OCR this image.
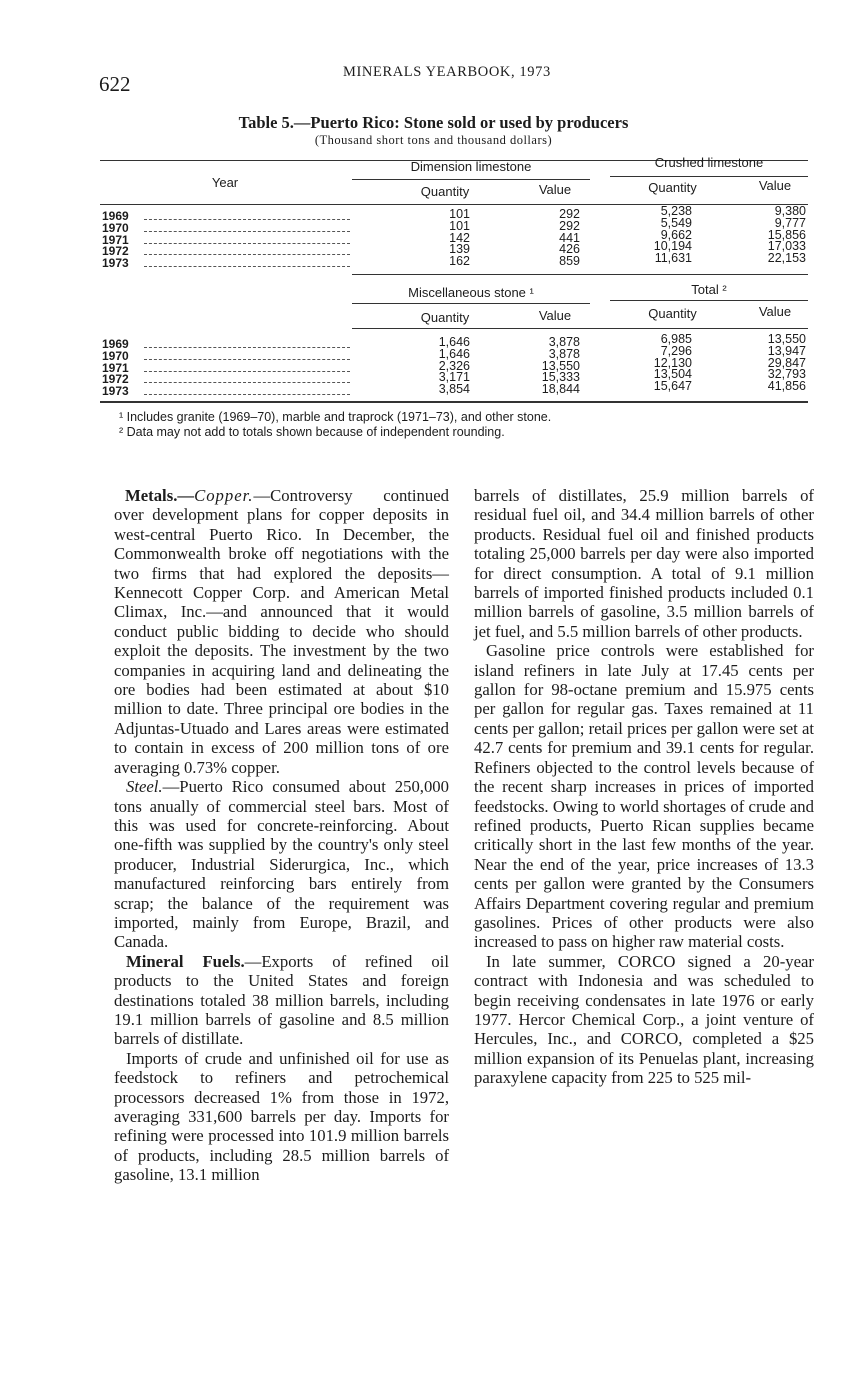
622	MINERALS YEARBOOK, 1973
Table 5.—Puerto Rico: Stone sold or used by producers
(Thousand short tons and thousand dollars)
Year
Dimension limestone	Crushed limestone
Quantity	Value	Quantity	Value
1969	101	292	5,238	9,380
1970	101	292	5,549	9,777
1971	142	441	9,662	15,856
1972	139	426	10,194	17,033
1973	162	859	11,631	22,153
Miscellaneous stone ¹	Total ²
Quantity	Value	Quantity	Value
1969	1,646	3,878	6,985	13,550
1970	1,646	3,878	7,296	13,947
1971	2,326	13,550	12,130	29,847
1972	3,171	15,333	13,504	32,793
1973	3,854	18,844	15,647	41,856
¹ Includes granite (1969–70), marble and traprock (1971–73), and other stone.
² Data may not add to totals shown because of independent rounding.

Metals.—Copper.—Controversy continued over development plans for copper deposits in west-central Puerto Rico. In December, the Commonwealth broke off negotiations with the two firms that had explored the deposits—Kennecott Copper Corp. and American Metal Climax, Inc.—and announced that it would conduct public bidding to decide who should exploit the deposits. The investment by the two companies in acquiring land and delineating the ore bodies had been estimated at about $10 million to date. Three principal ore bodies in the Adjuntas-Utuado and Lares areas were estimated to contain in excess of 200 million tons of ore averaging 0.73% copper.

Steel.—Puerto Rico consumed about 250,000 tons anually of commercial steel bars. Most of this was used for concrete-reinforcing. About one-fifth was supplied by the country's only steel producer, Industrial Siderurgica, Inc., which manufactured reinforcing bars entirely from scrap; the balance of the requirement was imported, mainly from Europe, Brazil, and Canada.

Mineral Fuels.—Exports of refined oil products to the United States and foreign destinations totaled 38 million barrels, including 19.1 million barrels of gasoline and 8.5 million barrels of distillate.

Imports of crude and unfinished oil for use as feedstock to refiners and petrochemical processors decreased 1% from those in 1972, averaging 331,600 barrels per day. Imports for refining were processed into 101.9 million barrels of products, including 28.5 million barrels of gasoline, 13.1 million

barrels of distillates, 25.9 million barrels of residual fuel oil, and 34.4 million barrels of other products. Residual fuel oil and finished products totaling 25,000 barrels per day were also imported for direct consumption. A total of 9.1 million barrels of imported finished products included 0.1 million barrels of gasoline, 3.5 million barrels of jet fuel, and 5.5 million barrels of other products.

Gasoline price controls were established for island refiners in late July at 17.45 cents per gallon for 98-octane premium and 15.975 cents per gallon for regular gas. Taxes remained at 11 cents per gallon; retail prices per gallon were set at 42.7 cents for premium and 39.1 cents for regular. Refiners objected to the control levels because of the recent sharp increases in prices of imported feedstocks. Owing to world shortages of crude and refined products, Puerto Rican supplies became critically short in the last few months of the year. Near the end of the year, price increases of 13.3 cents per gallon were granted by the Consumers Affairs Department covering regular and premium gasolines. Prices of other products were also increased to pass on higher raw material costs.

In late summer, CORCO signed a 20-year contract with Indonesia and was scheduled to begin receiving condensates in late 1976 or early 1977. Hercor Chemical Corp., a joint venture of Hercules, Inc., and CORCO, completed a $25 million expansion of its Penuelas plant, increasing paraxylene capacity from 225 to 525 mil-
